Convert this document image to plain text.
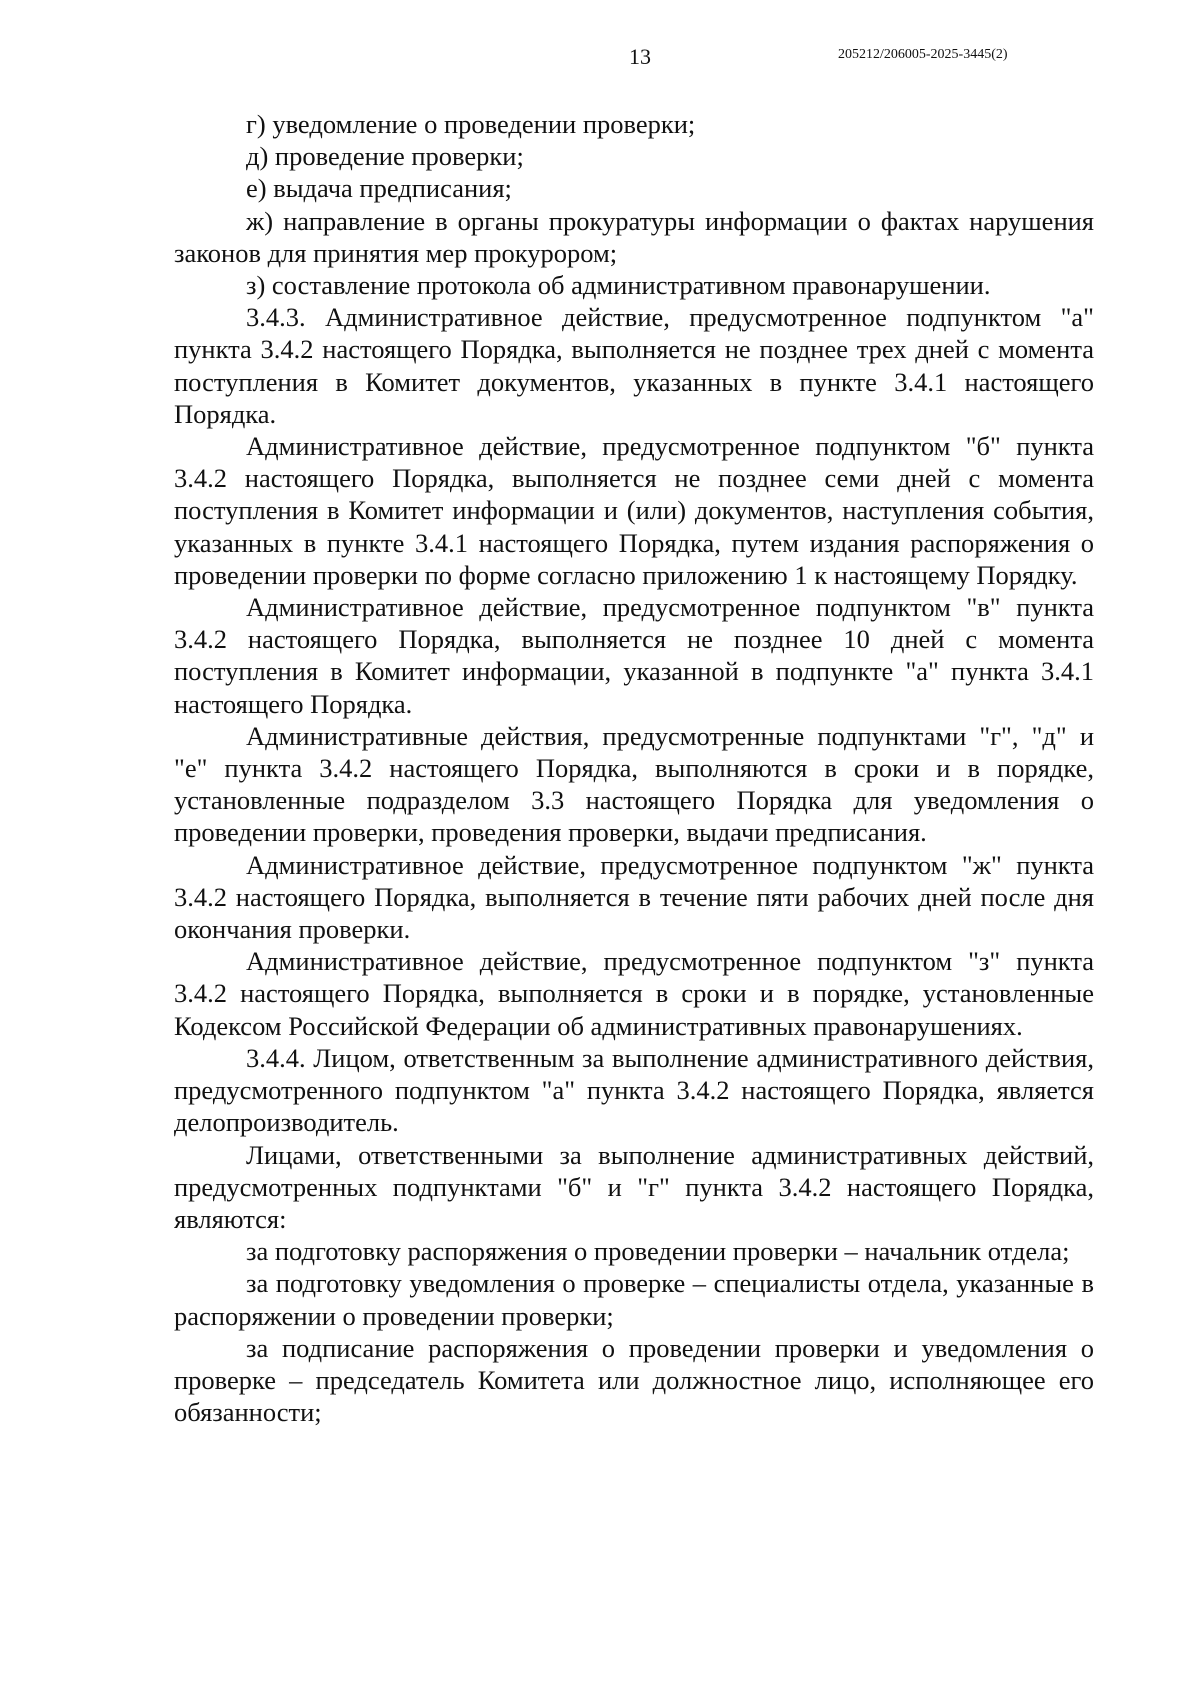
13	205212/206005-2025-3445(2)

г) уведомление о проведении проверки;

д) проведение проверки;

е) выдача предписания;

ж) направление в органы прокуратуры информации о фактах нарушения законов для принятия мер прокурором;

з) составление протокола об административном правонарушении.

3.4.3. Административное действие, предусмотренное подпунктом "а" пункта 3.4.2 настоящего Порядка, выполняется не позднее трех дней с момента поступления в Комитет документов, указанных в пункте 3.4.1 настоящего Порядка.

Административное действие, предусмотренное подпунктом "б" пункта 3.4.2 настоящего Порядка, выполняется не позднее семи дней с момента поступления в Комитет информации и (или) документов, наступления события, указанных в пункте 3.4.1 настоящего Порядка, путем издания распоряжения о проведении проверки по форме согласно приложению 1 к настоящему Порядку.

Административное действие, предусмотренное подпунктом "в" пункта 3.4.2 настоящего Порядка, выполняется не позднее 10 дней с момента поступления в Комитет информации, указанной в подпункте "а" пункта 3.4.1 настоящего Порядка.

Административные действия, предусмотренные подпунктами "г", "д" и "е" пункта 3.4.2 настоящего Порядка, выполняются в сроки и в порядке, установленные подразделом 3.3 настоящего Порядка для уведомления о проведении проверки, проведения проверки, выдачи предписания.

Административное действие, предусмотренное подпунктом "ж" пункта 3.4.2 настоящего Порядка, выполняется в течение пяти рабочих дней после дня окончания проверки.

Административное действие, предусмотренное подпунктом "з" пункта 3.4.2 настоящего Порядка, выполняется в сроки и в порядке, установленные Кодексом Российской Федерации об административных правонарушениях.

3.4.4. Лицом, ответственным за выполнение административного действия, предусмотренного подпунктом "а" пункта 3.4.2 настоящего Порядка, является делопроизводитель.

Лицами, ответственными за выполнение административных действий, предусмотренных подпунктами "б" и "г" пункта 3.4.2 настоящего Порядка, являются:

за подготовку распоряжения о проведении проверки – начальник отдела;

за подготовку уведомления о проверке – специалисты отдела, указанные в распоряжении о проведении проверки;

за подписание распоряжения о проведении проверки и уведомления о проверке – председатель Комитета или должностное лицо, исполняющее его обязанности;
